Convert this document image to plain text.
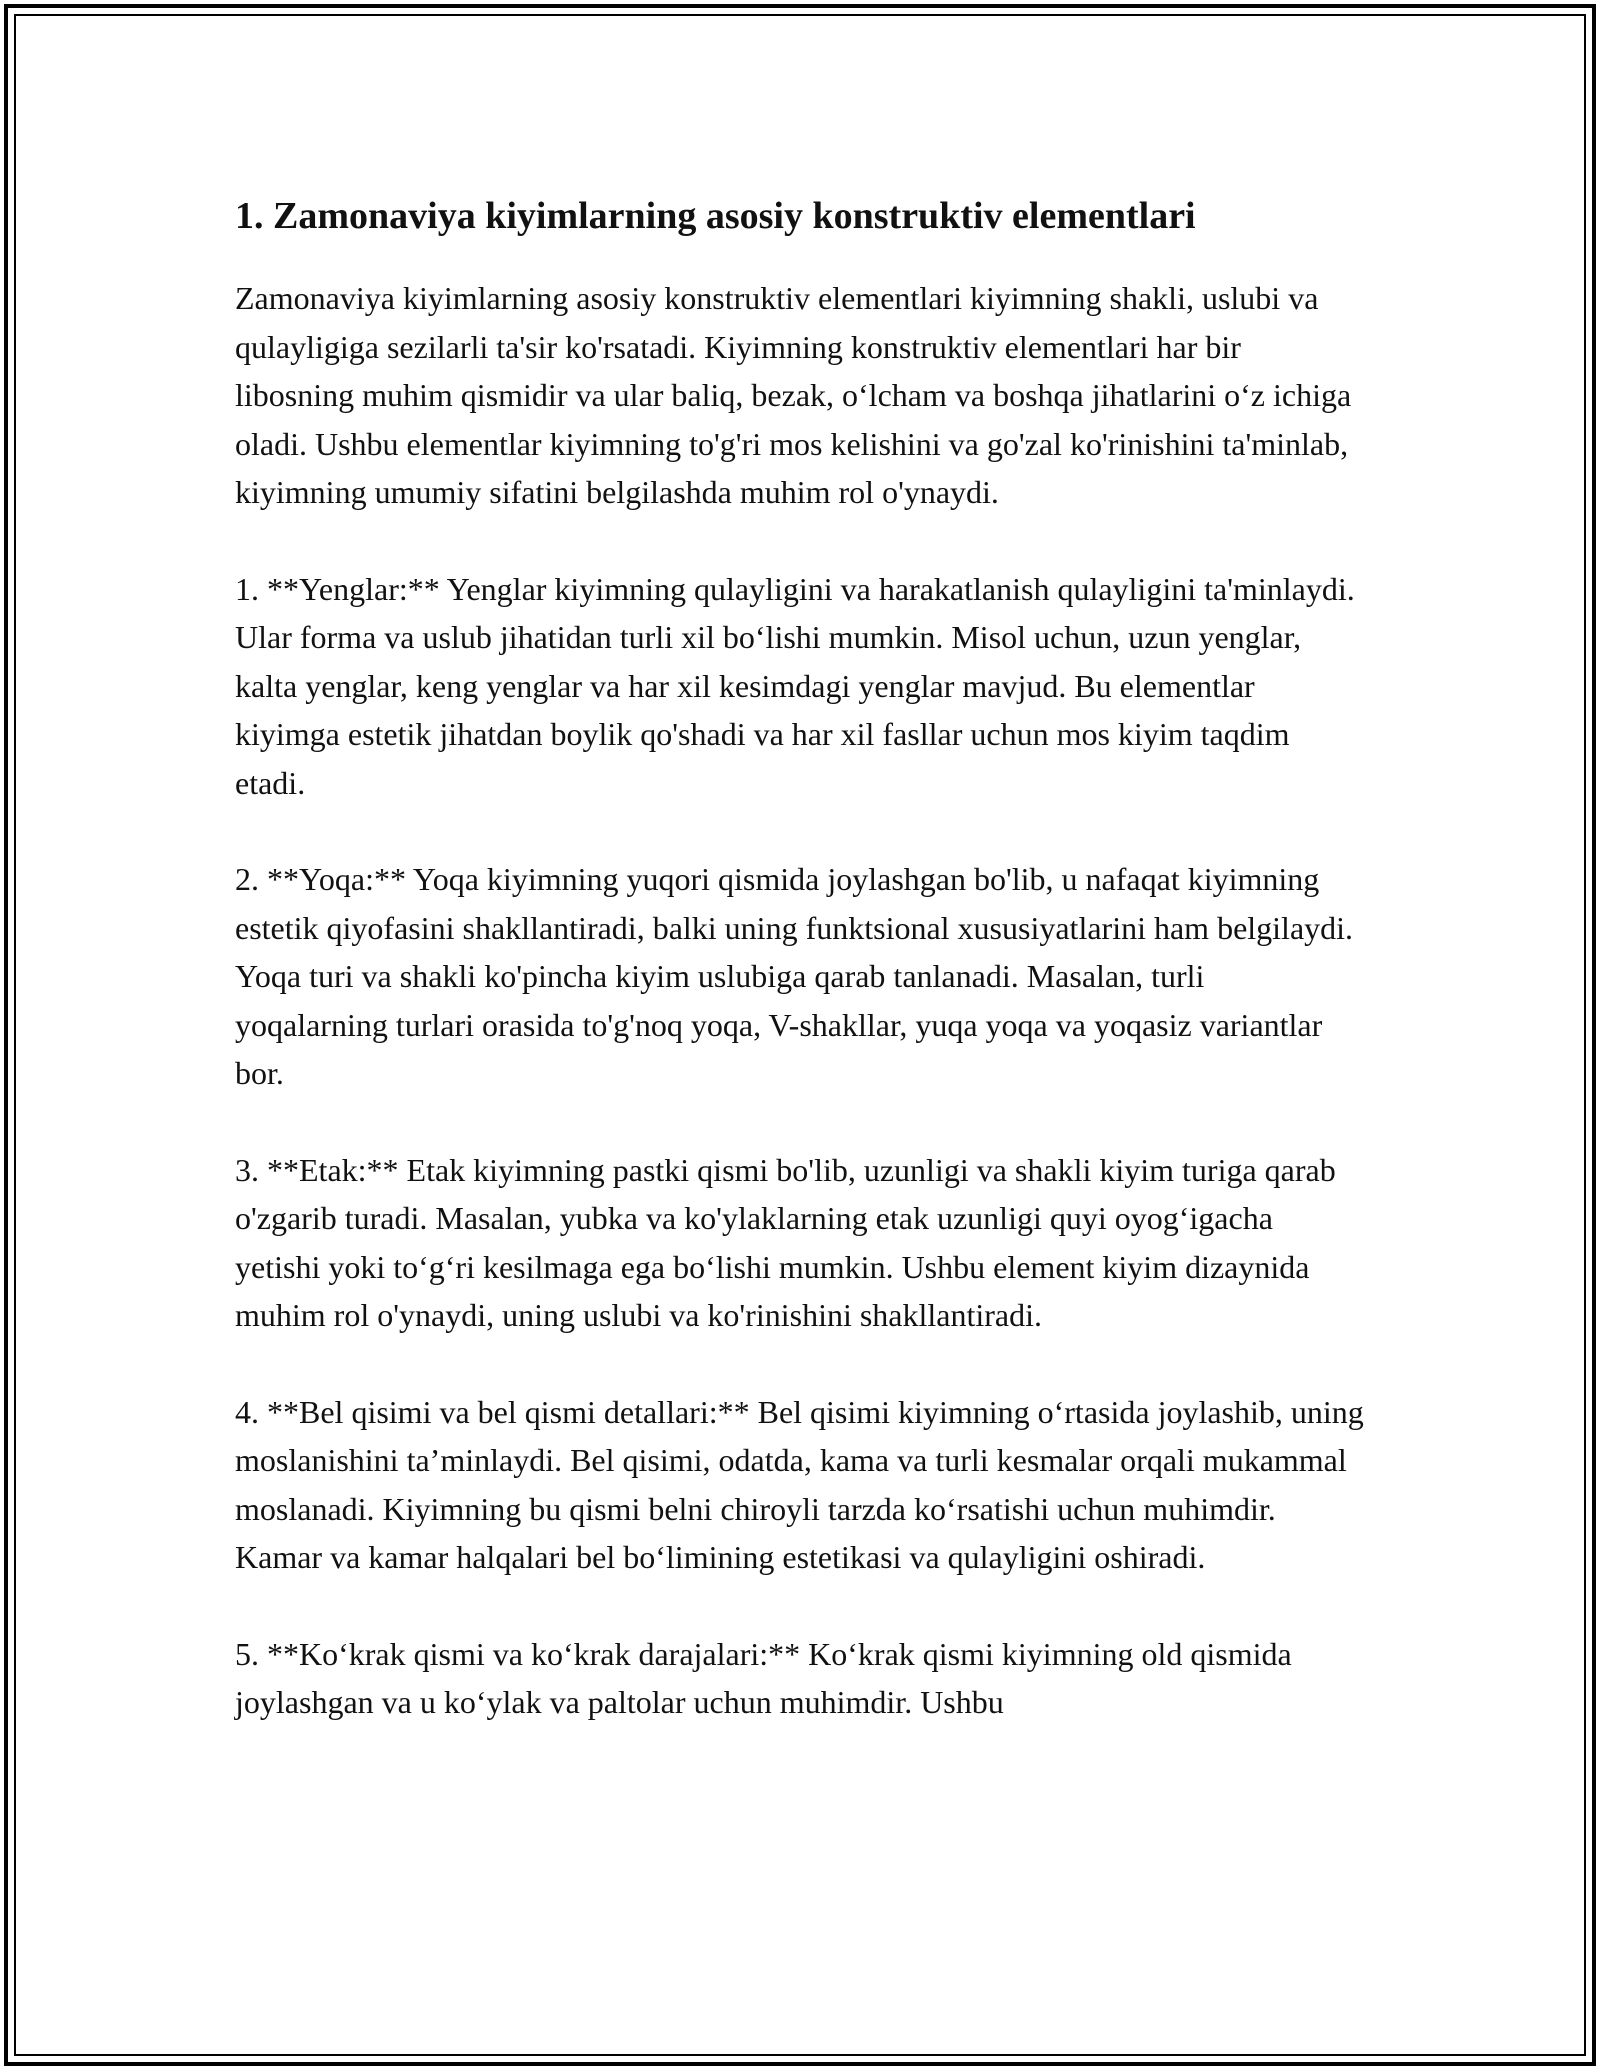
1. Zamonaviya kiyimlarning asosiy konstruktiv elementlari

Zamonaviya kiyimlarning asosiy konstruktiv elementlari kiyimning shakli, uslubi va qulayligiga sezilarli ta'sir ko'rsatadi. Kiyimning konstruktiv elementlari har bir libosning muhim qismidir va ular baliq, bezak, o‘lcham va boshqa jihatlarini o‘z ichiga oladi. Ushbu elementlar kiyimning to'g'ri mos kelishini va go'zal ko'rinishini ta'minlab, kiyimning umumiy sifatini belgilashda muhim rol o'ynaydi.

1. **Yenglar:** Yenglar kiyimning qulayligini va harakatlanish qulayligini ta'minlaydi. Ular forma va uslub jihatidan turli xil bo‘lishi mumkin. Misol uchun, uzun yenglar, kalta yenglar, keng yenglar va har xil kesimdagi yenglar mavjud. Bu elementlar kiyimga estetik jihatdan boylik qo'shadi va har xil fasllar uchun mos kiyim taqdim etadi.

2. **Yoqa:** Yoqa kiyimning yuqori qismida joylashgan bo'lib, u nafaqat kiyimning estetik qiyofasini shakllantiradi, balki uning funktsional xususiyatlarini ham belgilaydi. Yoqa turi va shakli ko'pincha kiyim uslubiga qarab tanlanadi. Masalan, turli yoqalarning turlari orasida to'g'noq yoqa, V-shakllar, yuqa yoqa va yoqasiz variantlar bor.

3. **Etak:** Etak kiyimning pastki qismi bo'lib, uzunligi va shakli kiyim turiga qarab o'zgarib turadi. Masalan, yubka va ko'ylaklarning etak uzunligi quyi oyog‘igacha yetishi yoki to‘g‘ri kesilmaga ega bo‘lishi mumkin. Ushbu element kiyim dizaynida muhim rol o'ynaydi, uning uslubi va ko'rinishini shakllantiradi.

4. **Bel qisimi va bel qismi detallari:** Bel qisimi kiyimning o‘rtasida joylashib, uning moslanishini ta’minlaydi. Bel qisimi, odatda, kama va turli kesmalar orqali mukammal moslanadi. Kiyimning bu qismi belni chiroyli tarzda ko‘rsatishi uchun muhimdir. Kamar va kamar halqalari bel bo‘limining estetikasi va qulayligini oshiradi.

5. **Ko‘krak qismi va ko‘krak darajalari:** Ko‘krak qismi kiyimning old qismida joylashgan va u ko‘ylak va paltolar uchun muhimdir. Ushbu
